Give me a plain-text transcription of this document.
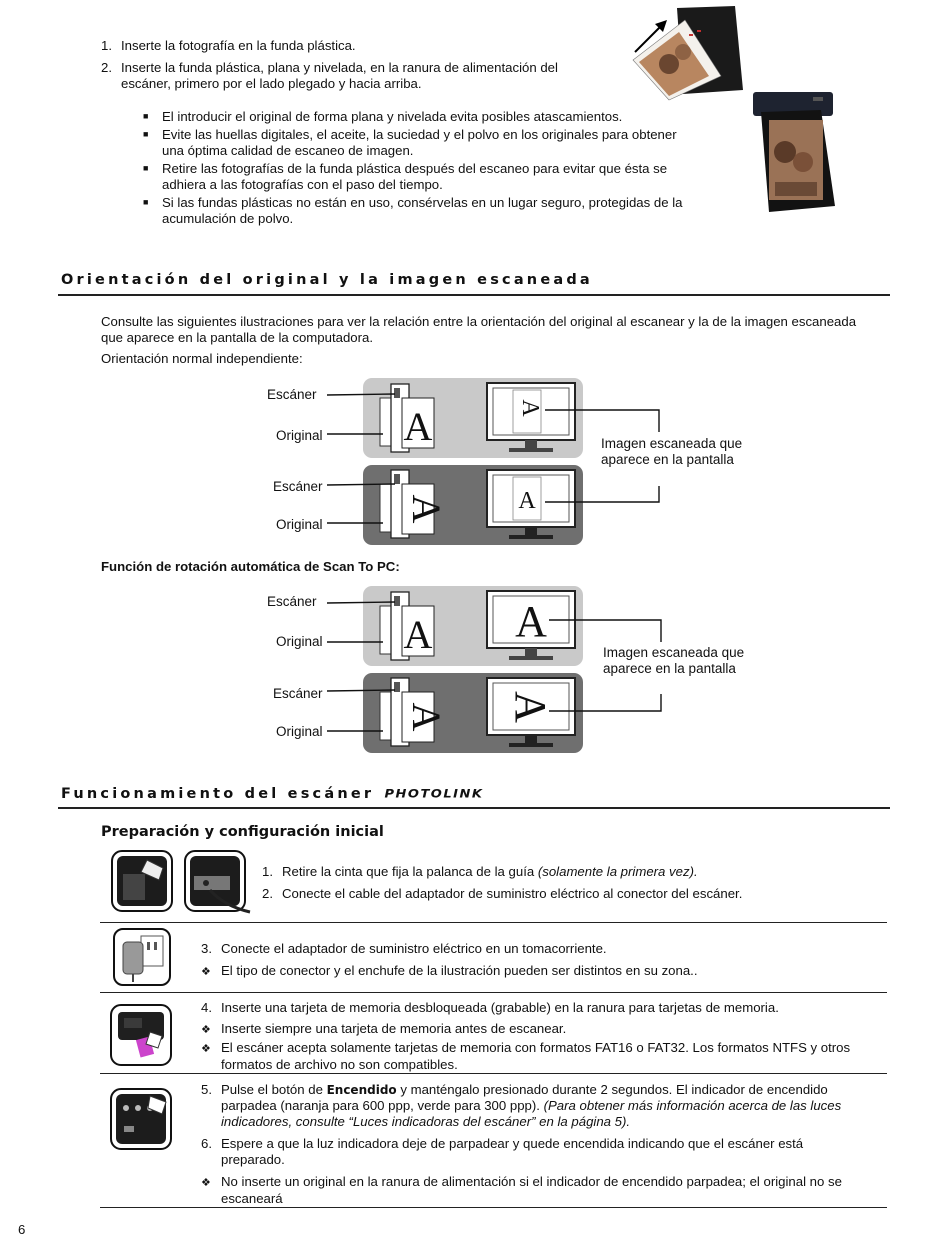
1. Inserte la fotografía en la funda plástica.
2. Inserte la funda plástica, plana y nivelada, en la ranura de alimentación del
escáner, primero por el lado plegado y hacia arriba.
■ El introducir el original de forma plana y nivelada evita posibles atascamientos.
■ Evite las huellas digitales, el aceite, la suciedad y el polvo en los originales para obtener
una óptima calidad de escaneo de imagen.
■ Retire las fotografías de la funda plástica después del escaneo para evitar que ésta se
adhiera a las fotografías con el paso del tiempo.
■ Si las fundas plásticas no están en uso, consérvelas en un lugar seguro, protegidas de la
acumulación de polvo.
Orientación del original y la imagen escaneada
Consulte las siguientes ilustraciones para ver la relación entre la orientación del original al escanear y la de la imagen escaneada
que aparece en la pantalla de la computadora.
Orientación normal independiente:
A	A
A	A
Escáner
Original
Escáner
Original
Imagen escaneada que
aparece en la pantalla
Función de rotación automática de Scan To PC:
A A
A A
Escáner
Original
Escáner
Original
Imagen escaneada que
aparece en la pantalla
Funcionamiento del escáner PHOTOLINK
Preparación y configuración inicial
1. Retire la cinta que fija la palanca de la guía (solamente la primera vez).
2. Conecte el cable del adaptador de suministro eléctrico al conector del escáner.
3. Conecte el adaptador de suministro eléctrico en un tomacorriente.
❖ El tipo de conector y el enchufe de la ilustración pueden ser distintos en su zona..
4. Inserte una tarjeta de memoria desbloqueada (grabable) en la ranura para tarjetas de memoria.
❖ Inserte siempre una tarjeta de memoria antes de escanear.
❖ El escáner acepta solamente tarjetas de memoria con formatos FAT16 o FAT32. Los formatos NTFS y otros
formatos de archivo no son compatibles.
5. Pulse el botón de Encendido y manténgalo presionado durante 2 segundos. El indicador de encendido
parpadea (naranja para 600 ppp, verde para 300 ppp). (Para obtener más información acerca de las luces
indicadores, consulte “Luces indicadoras del escáner” en la página 5).
6. Espere a que la luz indicadora deje de parpadear y quede encendida indicando que el escáner está
preparado.
❖ No inserte un original en la ranura de alimentación si el indicador de encendido parpadea; el original no se
escaneará
6
